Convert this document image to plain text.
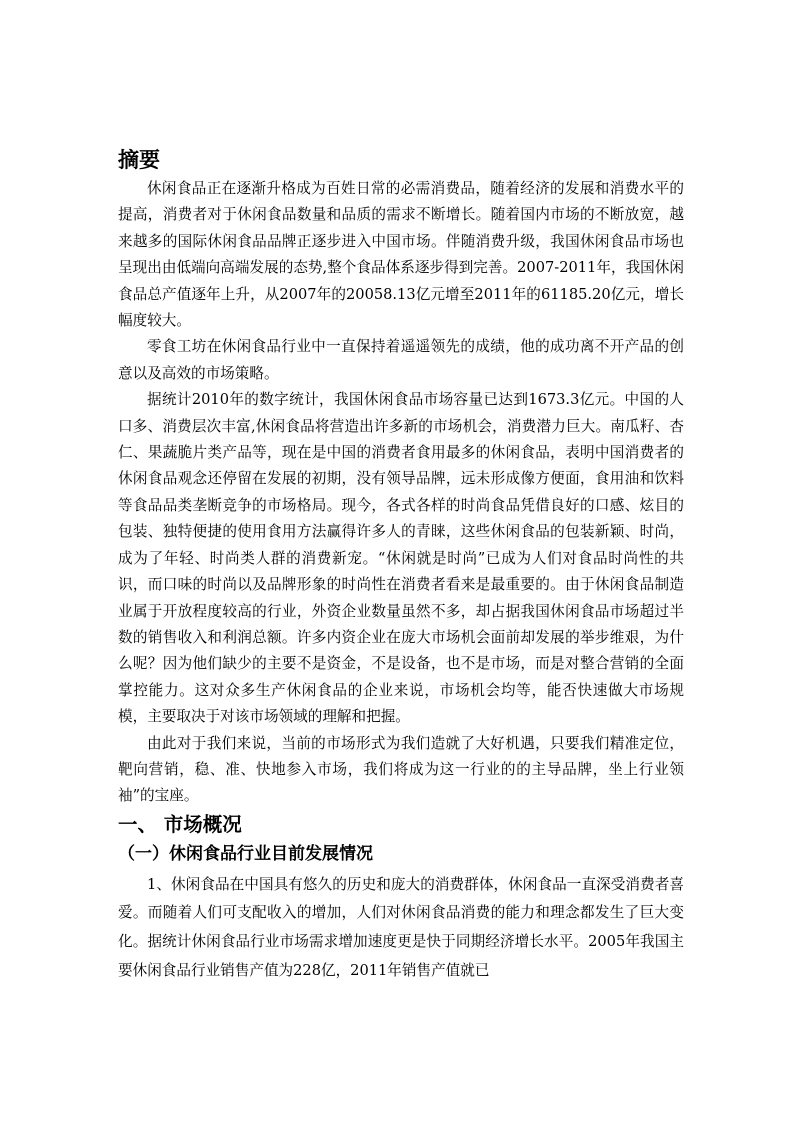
摘要

休闲食品正在逐渐升格成为百姓日常的必需消费品，随着经济的发展和消费水平的提高，消费者对于休闲食品数量和品质的需求不断增长。随着国内市场的不断放宽，越来越多的国际休闲食品品牌正逐步进入中国市场。伴随消费升级，我国休闲食品市场也呈现出由低端向高端发展的态势,整个食品体系逐步得到完善。2007-2011年，我国休闲食品总产值逐年上升，从2007年的20058.13亿元增至2011年的61185.20亿元，增长幅度较大。

零食工坊在休闲食品行业中一直保持着遥遥领先的成绩，他的成功离不开产品的创意以及高效的市场策略。

据统计2010年的数字统计，我国休闲食品市场容量已达到1673.3亿元。中国的人口多、消费层次丰富,休闲食品将营造出许多新的市场机会，消费潜力巨大。南瓜籽、杏仁、果蔬脆片类产品等，现在是中国的消费者食用最多的休闲食品，表明中国消费者的休闲食品观念还停留在发展的初期，没有领导品牌，远未形成像方便面，食用油和饮料等食品品类垄断竞争的市场格局。现今，各式各样的时尚食品凭借良好的口感、炫目的包装、独特便捷的使用食用方法赢得许多人的青睐，这些休闲食品的包装新颖、时尚，成为了年轻、时尚类人群的消费新宠。“休闲就是时尚”已成为人们对食品时尚性的共识，而口味的时尚以及品牌形象的时尚性在消费者看来是最重要的。由于休闲食品制造业属于开放程度较高的行业，外资企业数量虽然不多，却占据我国休闲食品市场超过半数的销售收入和利润总额。许多内资企业在庞大市场机会面前却发展的举步维艰，为什么呢？因为他们缺少的主要不是资金，不是设备，也不是市场，而是对整合营销的全面掌控能力。这对众多生产休闲食品的企业来说，市场机会均等，能否快速做大市场规模，主要取决于对该市场领域的理解和把握。

由此对于我们来说，当前的市场形式为我们造就了大好机遇，只要我们精准定位，靶向营销，稳、准、快地参入市场，我们将成为这一行业的的主导品牌，坐上行业领袖”的宝座。

一、 市场概况
（一）休闲食品行业目前发展情况

1、休闲食品在中国具有悠久的历史和庞大的消费群体，休闲食品一直深受消费者喜爱。而随着人们可支配收入的增加，人们对休闲食品消费的能力和理念都发生了巨大变化。据统计休闲食品行业市场需求增加速度更是快于同期经济增长水平。2005年我国主要休闲食品行业销售产值为228亿，2011年销售产值就已
